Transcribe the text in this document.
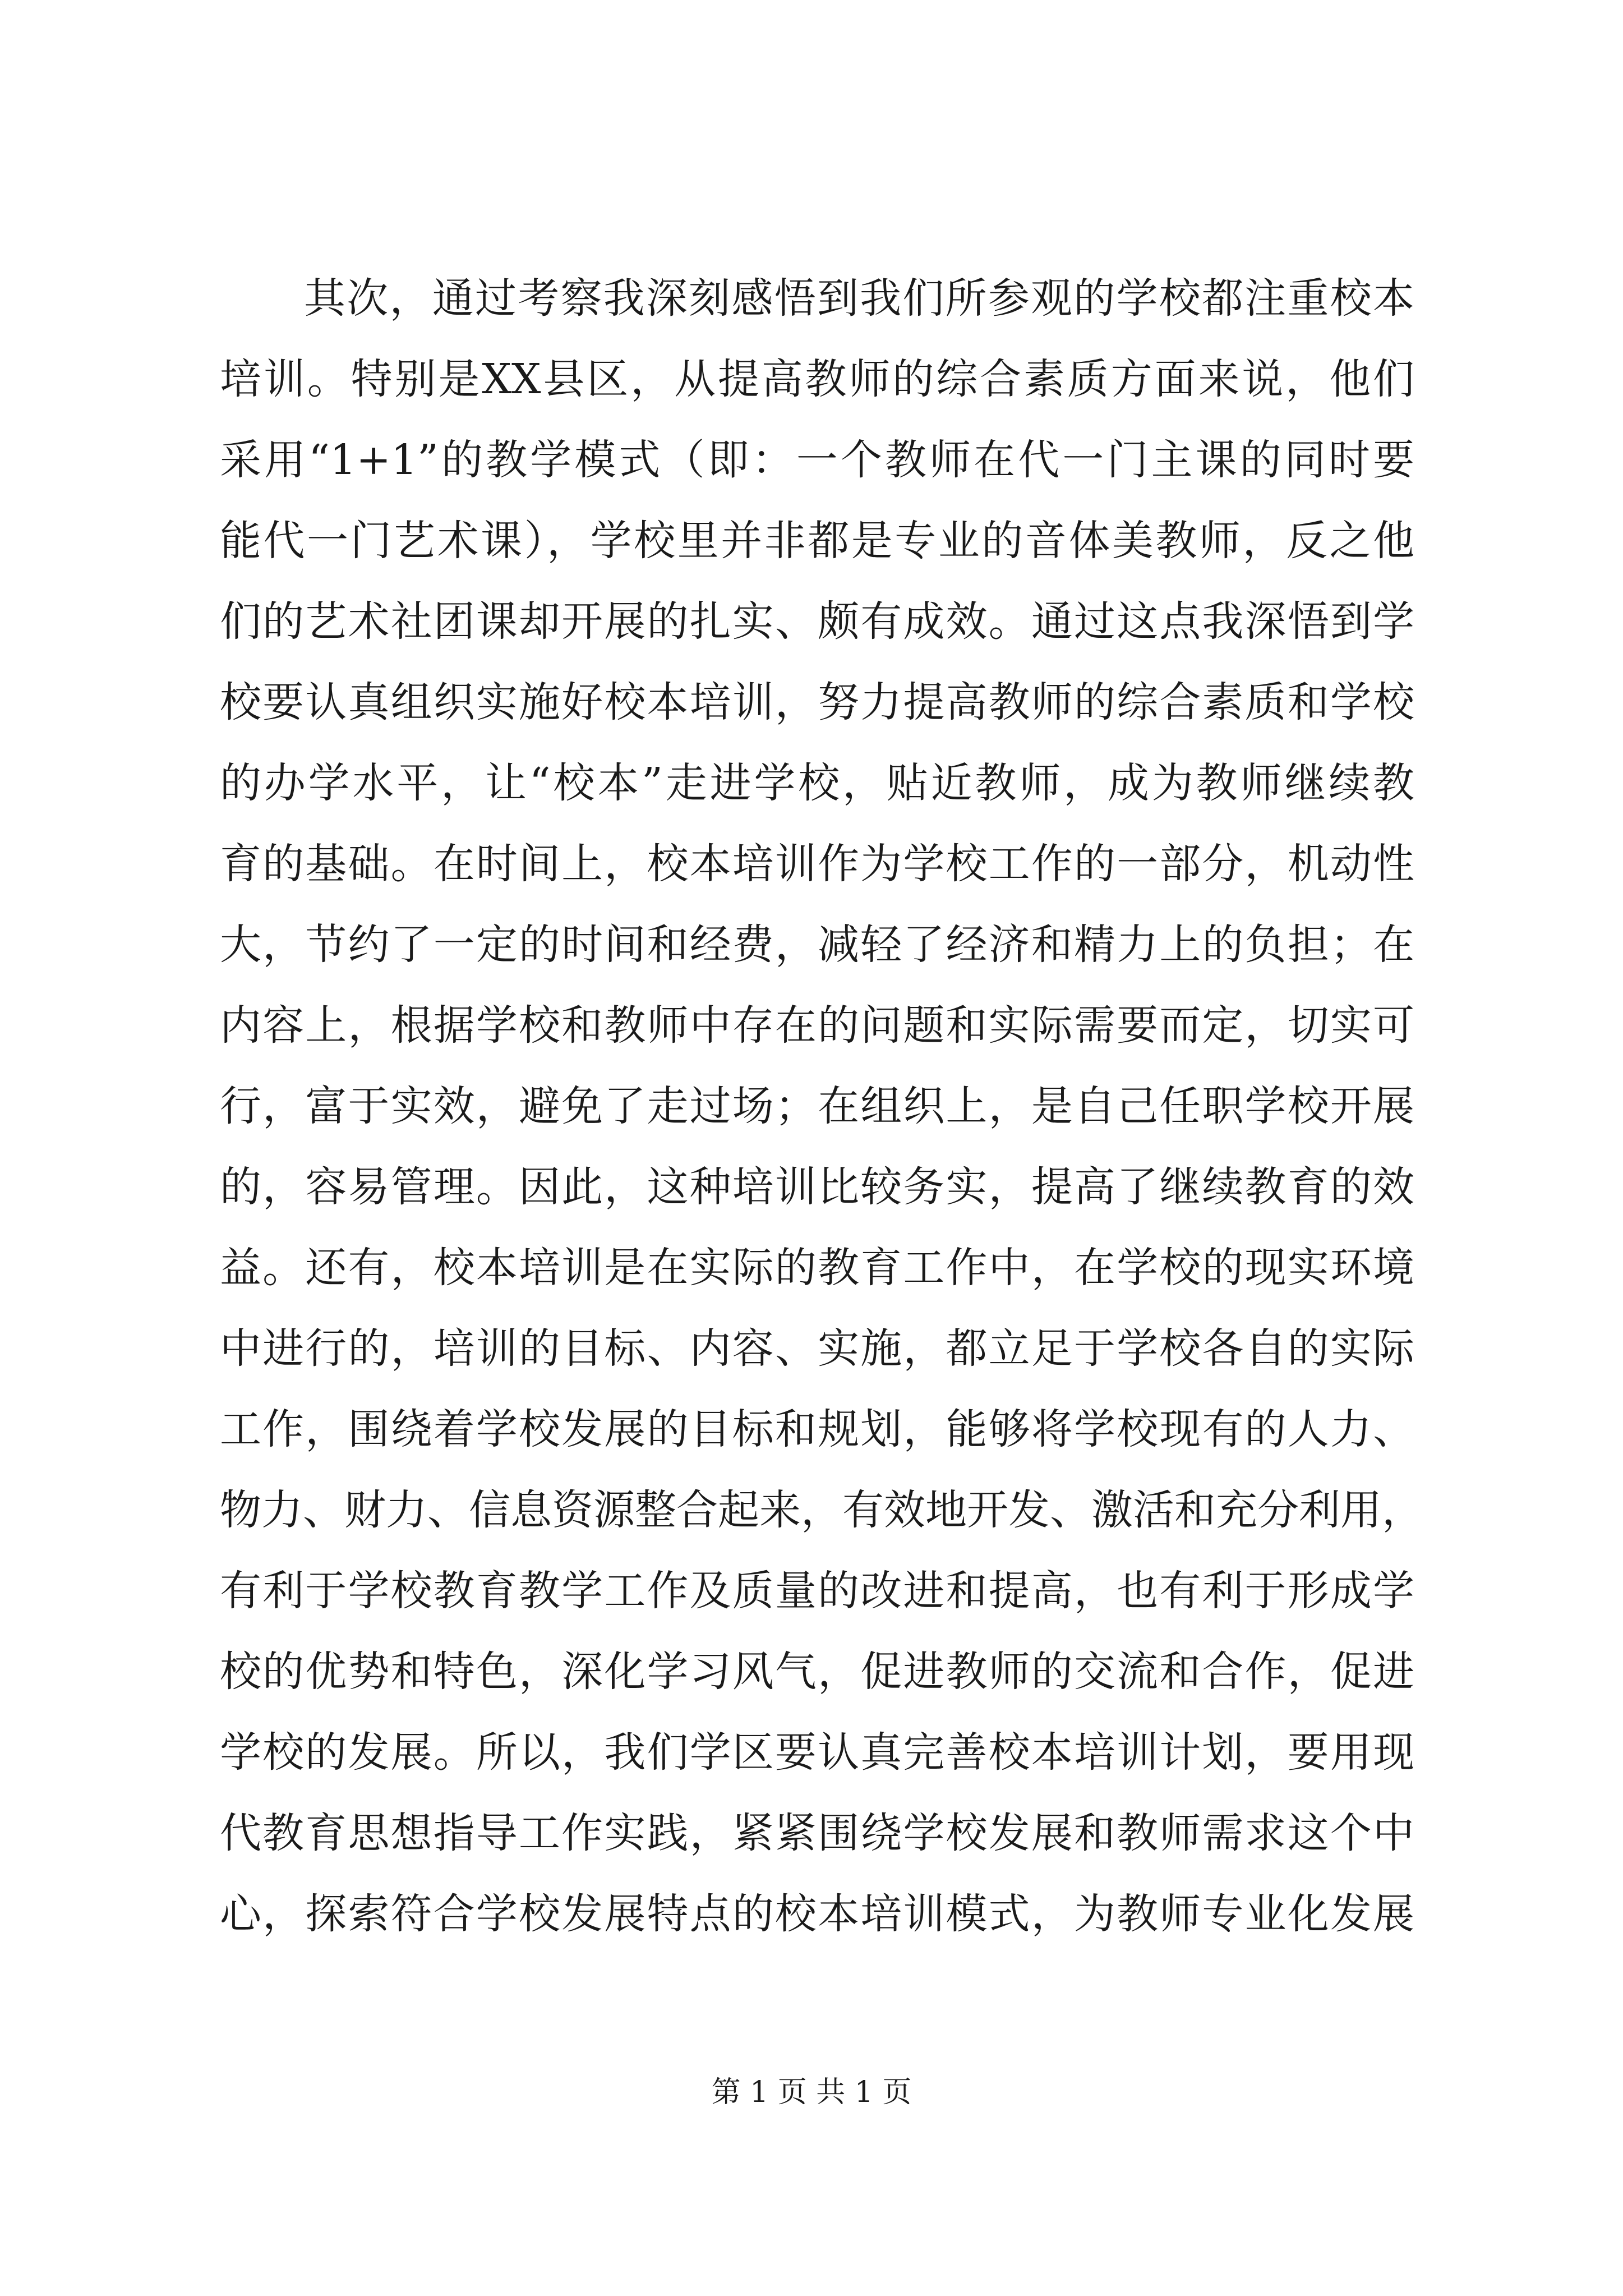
其次，通过考察我深刻感悟到我们所参观的学校都注重校本
培训。特别是XX县区，从提高教师的综合素质方面来说，他们
采用“1+1”的教学模式（即：一个教师在代一门主课的同时要
能代一门艺术课），学校里并非都是专业的音体美教师，反之他
们的艺术社团课却开展的扎实、颇有成效。通过这点我深悟到学
校要认真组织实施好校本培训，努力提高教师的综合素质和学校
的办学水平，让“校本”走进学校，贴近教师，成为教师继续教
育的基础。在时间上，校本培训作为学校工作的一部分，机动性
大，节约了一定的时间和经费，减轻了经济和精力上的负担；在
内容上，根据学校和教师中存在的问题和实际需要而定，切实可
行，富于实效，避免了走过场；在组织上，是自己任职学校开展
的，容易管理。因此，这种培训比较务实，提高了继续教育的效
益。还有，校本培训是在实际的教育工作中，在学校的现实环境
中进行的，培训的目标、内容、实施，都立足于学校各自的实际
工作，围绕着学校发展的目标和规划，能够将学校现有的人力、
物力、财力、信息资源整合起来，有效地开发、激活和充分利用，
有利于学校教育教学工作及质量的改进和提高，也有利于形成学
校的优势和特色，深化学习风气，促进教师的交流和合作，促进
学校的发展。所以，我们学区要认真完善校本培训计划，要用现
代教育思想指导工作实践，紧紧围绕学校发展和教师需求这个中
心，探索符合学校发展特点的校本培训模式，为教师专业化发展
第 1 页 共 1 页
